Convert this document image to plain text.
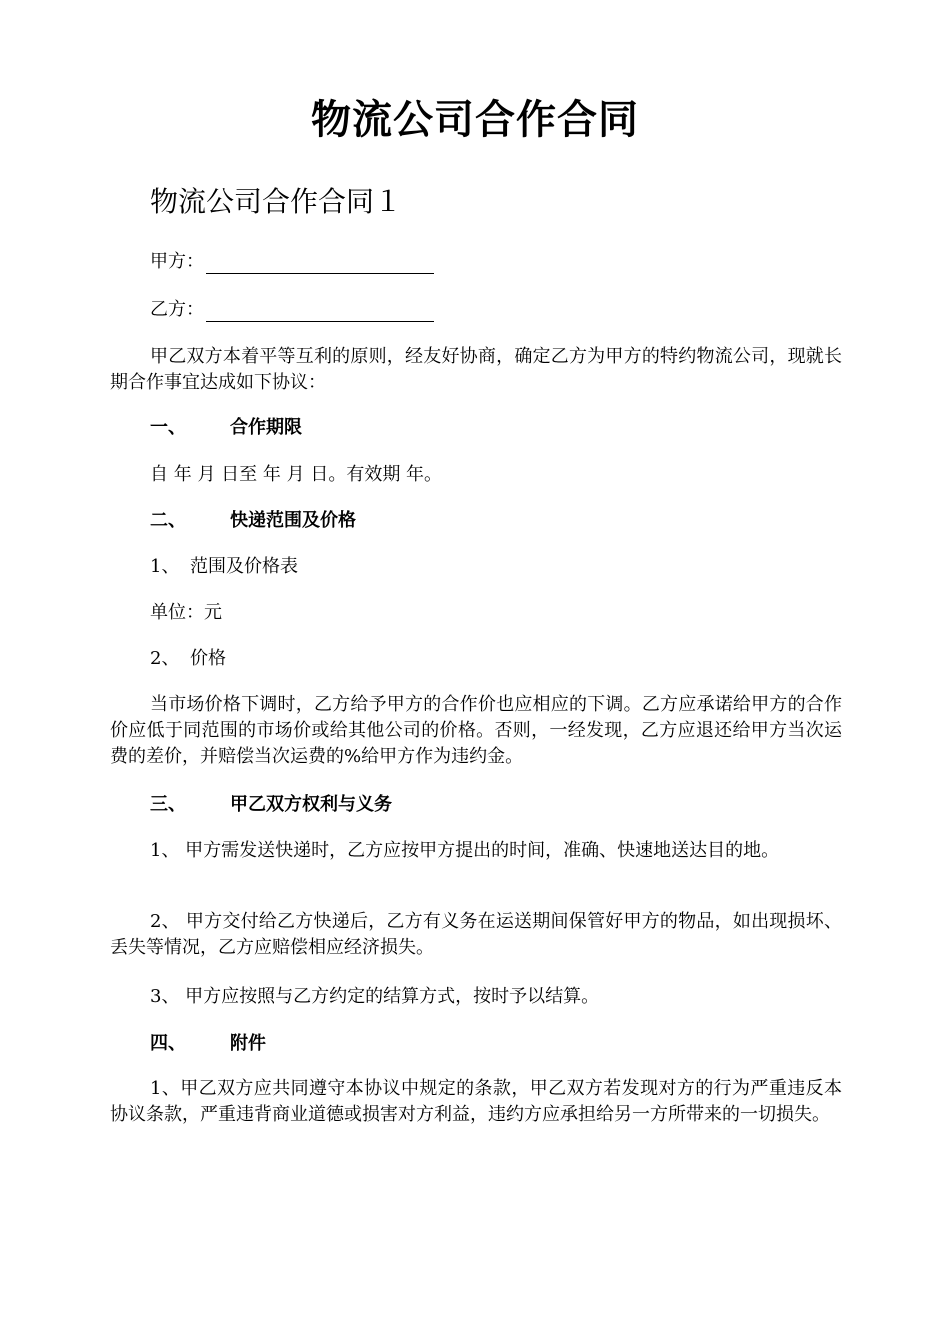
物流公司合作合同
物流公司合作合同１
甲方：
乙方：
甲乙双方本着平等互利的原则，经友好协商，确定乙方为甲方的特约物流公司，现就长期合作事宜达成如下协议：
一、 合作期限
自 年 月 日至 年 月 日。有效期 年。
二、 快递范围及价格
1、 范围及价格表
单位：元
2、 价格
当市场价格下调时，乙方给予甲方的合作价也应相应的下调。乙方应承诺给甲方的合作价应低于同范围的市场价或给其他公司的价格。否则，一经发现，乙方应退还给甲方当次运费的差价，并赔偿当次运费的%给甲方作为违约金。
三、 甲乙双方权利与义务
1、 甲方需发送快递时，乙方应按甲方提出的时间，准确、快速地送达目的地。
2、 甲方交付给乙方快递后，乙方有义务在运送期间保管好甲方的物品，如出现损坏、丢失等情况，乙方应赔偿相应经济损失。
3、 甲方应按照与乙方约定的结算方式，按时予以结算。
四、 附件
1、甲乙双方应共同遵守本协议中规定的条款，甲乙双方若发现对方的行为严重违反本协议条款，严重违背商业道德或损害对方利益，违约方应承担给另一方所带来的一切损失。
